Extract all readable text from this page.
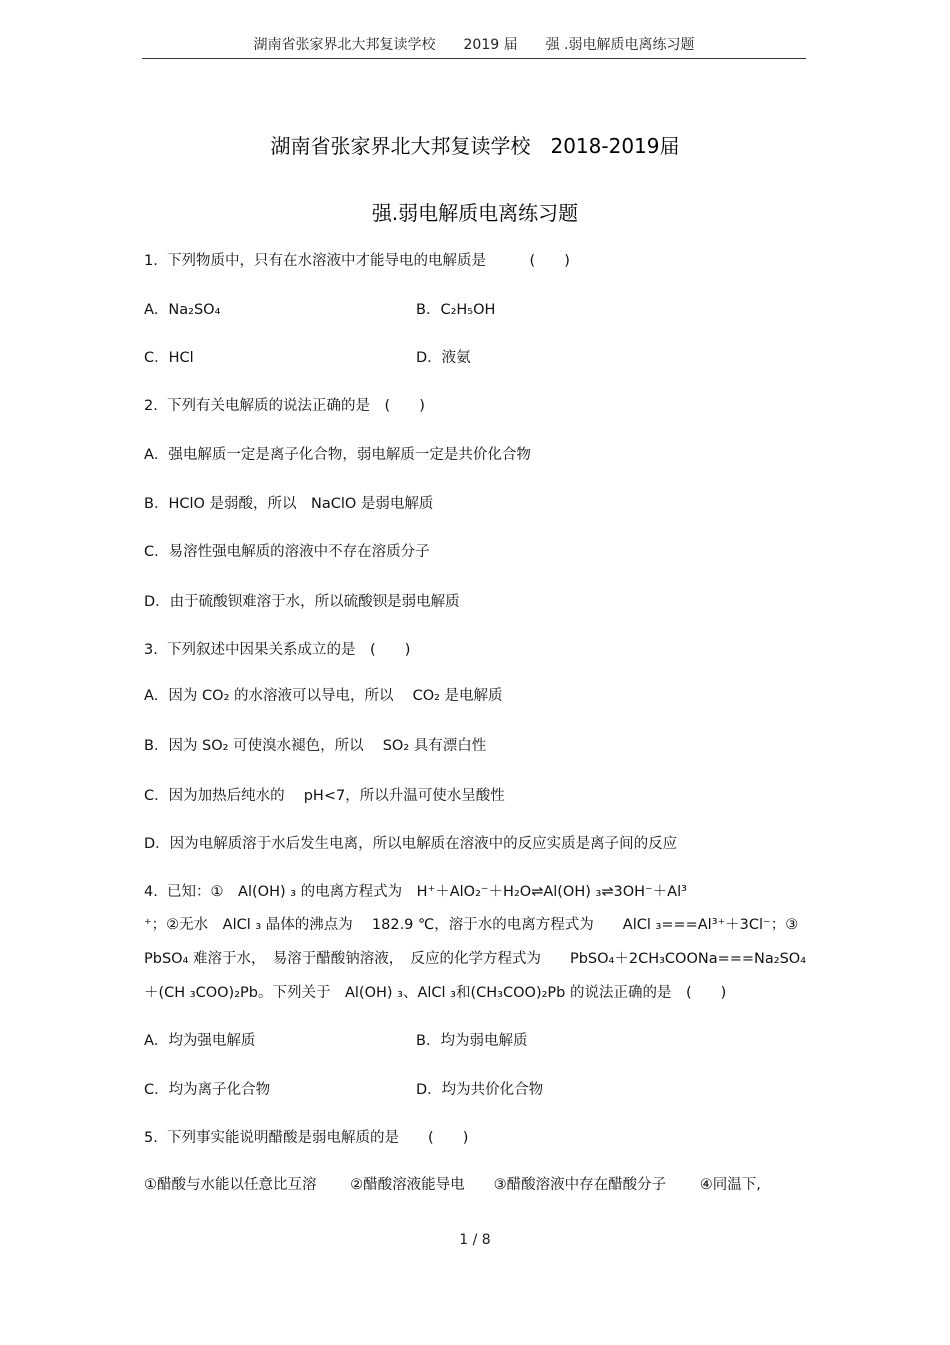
湖南省张家界北大邦复读学校　　2019 届　　强 .弱电解质电离练习题
湖南省张家界北大邦复读学校　2018-2019届
强.弱电解质电离练习题
1.  下列物质中，只有在水溶液中才能导电的电解质是　　　(　　)
A．Na₂SO₄	B．C₂H₅OH
C．HCl	D．液氨
2.  下列有关电解质的说法正确的是　(　　)
A．强电解质一定是离子化合物，弱电解质一定是共价化合物
B．HClO 是弱酸，所以　NaClO 是弱电解质
C．易溶性强电解质的溶液中不存在溶质分子
D．由于硫酸钡难溶于水，所以硫酸钡是弱电解质
3.  下列叙述中因果关系成立的是　(　　)
A．因为 CO₂ 的水溶液可以导电，所以　 CO₂ 是电解质
B．因为 SO₂ 可使溴水褪色，所以　 SO₂ 具有漂白性
C．因为加热后纯水的　 pH<7，所以升温可使水呈酸性
D．因为电解质溶于水后发生电离，所以电解质在溶液中的反应实质是离子间的反应
4.  已知：①　Al(OH) ₃ 的电离方程式为　H⁺＋AlO₂⁻＋H₂O⇌Al(OH) ₃⇌3OH⁻＋Al³
⁺；②无水　AlCl ₃ 晶体的沸点为　 182.9 ℃，溶于水的电离方程式为　　AlCl ₃===Al³⁺＋3Cl⁻；③
PbSO₄ 难溶于水，　易溶于醋酸钠溶液，　反应的化学方程式为　　PbSO₄＋2CH₃COONa===Na₂SO₄
＋(CH ₃COO)₂Pb。下列关于　Al(OH) ₃、AlCl ₃和(CH₃COO)₂Pb 的说法正确的是　(　　)
A．均为强电解质	B．均为弱电解质
C．均为离子化合物	D．均为共价化合物
5.  下列事实能说明醋酸是弱电解质的是　　(　　)
①醋酸与水能以任意比互溶　　 ②醋酸溶液能导电　　③醋酸溶液中存在醋酸分子　　 ④同温下,
1 / 8
